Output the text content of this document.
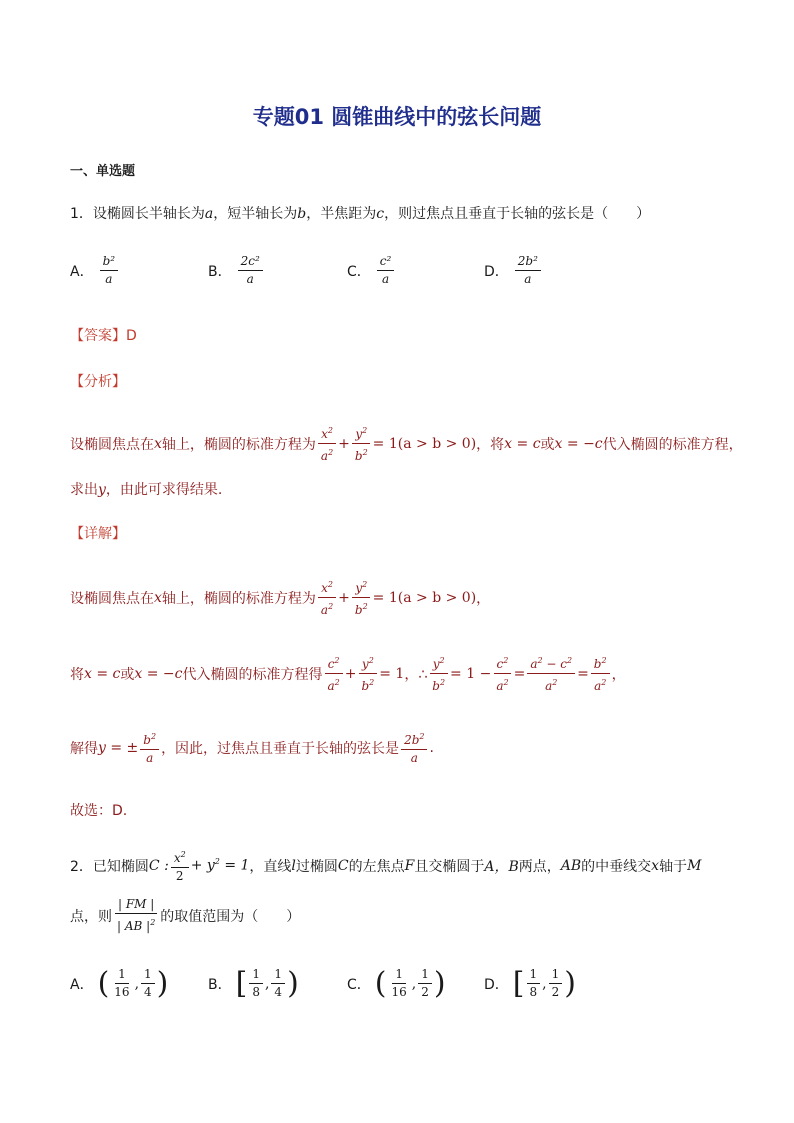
专题01 圆锥曲线中的弦长问题
一、单选题
1．设椭圆长半轴长为a，短半轴长为b，半焦距为c，则过焦点且垂直于长轴的弦长是（　　）
A． $\frac{\text{b²}}{a}$	B． $\frac{\text{2c²}}{a}$	C． $\frac{\text{c²}}{a}$	D． $\frac{\text{2b²}}{a}$
【答案】D
【分析】
设椭圆焦点在 x 轴上，椭圆的标准方程为 $\frac{x^2}{a^2} + \frac{y^2}{b^2} = 1(a > b > 0)$ ，将 x = c 或 x = −c 代入椭圆的标准方程，
求出y，由此可求得结果.
【详解】
设椭圆焦点在 x 轴上，椭圆的标准方程为 $\frac{x^2}{a^2} + \frac{y^2}{b^2} = 1(a > b > 0)$ ，
将 x = c 或 x = −c 代入椭圆的标准方程得 $\frac{c^2}{a^2} + \frac{y^2}{b^2} = 1$ ，∴ $\frac{y^2}{b^2} = 1 - \frac{c^2}{a^2} = \frac{a^2 - c^2}{a^2} = \frac{b^2}{a^2}$ ，
解得 y = ± $\frac{b^2}{a}$ ，因此，过焦点且垂直于长轴的弦长是 $\frac{2b^2}{a}$ .
故选：D.
2．已知椭圆 C : $\frac{x^2}{2} + y^2 = 1$ ，直线 l 过椭圆 C 的左焦点 F 且交椭圆于 A，B 两点， AB 的中垂线交 x 轴于 M
点，则 $\frac{| FM |}{| AB |^2}$ 的取值范围为（　　）
A． ( $\frac{1}{16}$ , $\frac{1}{4}$ )	B． [ $\frac{1}{8}$ , $\frac{1}{4}$ )	C． ( $\frac{1}{16}$ , $\frac{1}{2}$ )	D． [ $\frac{1}{8}$ , $\frac{1}{2}$ )
